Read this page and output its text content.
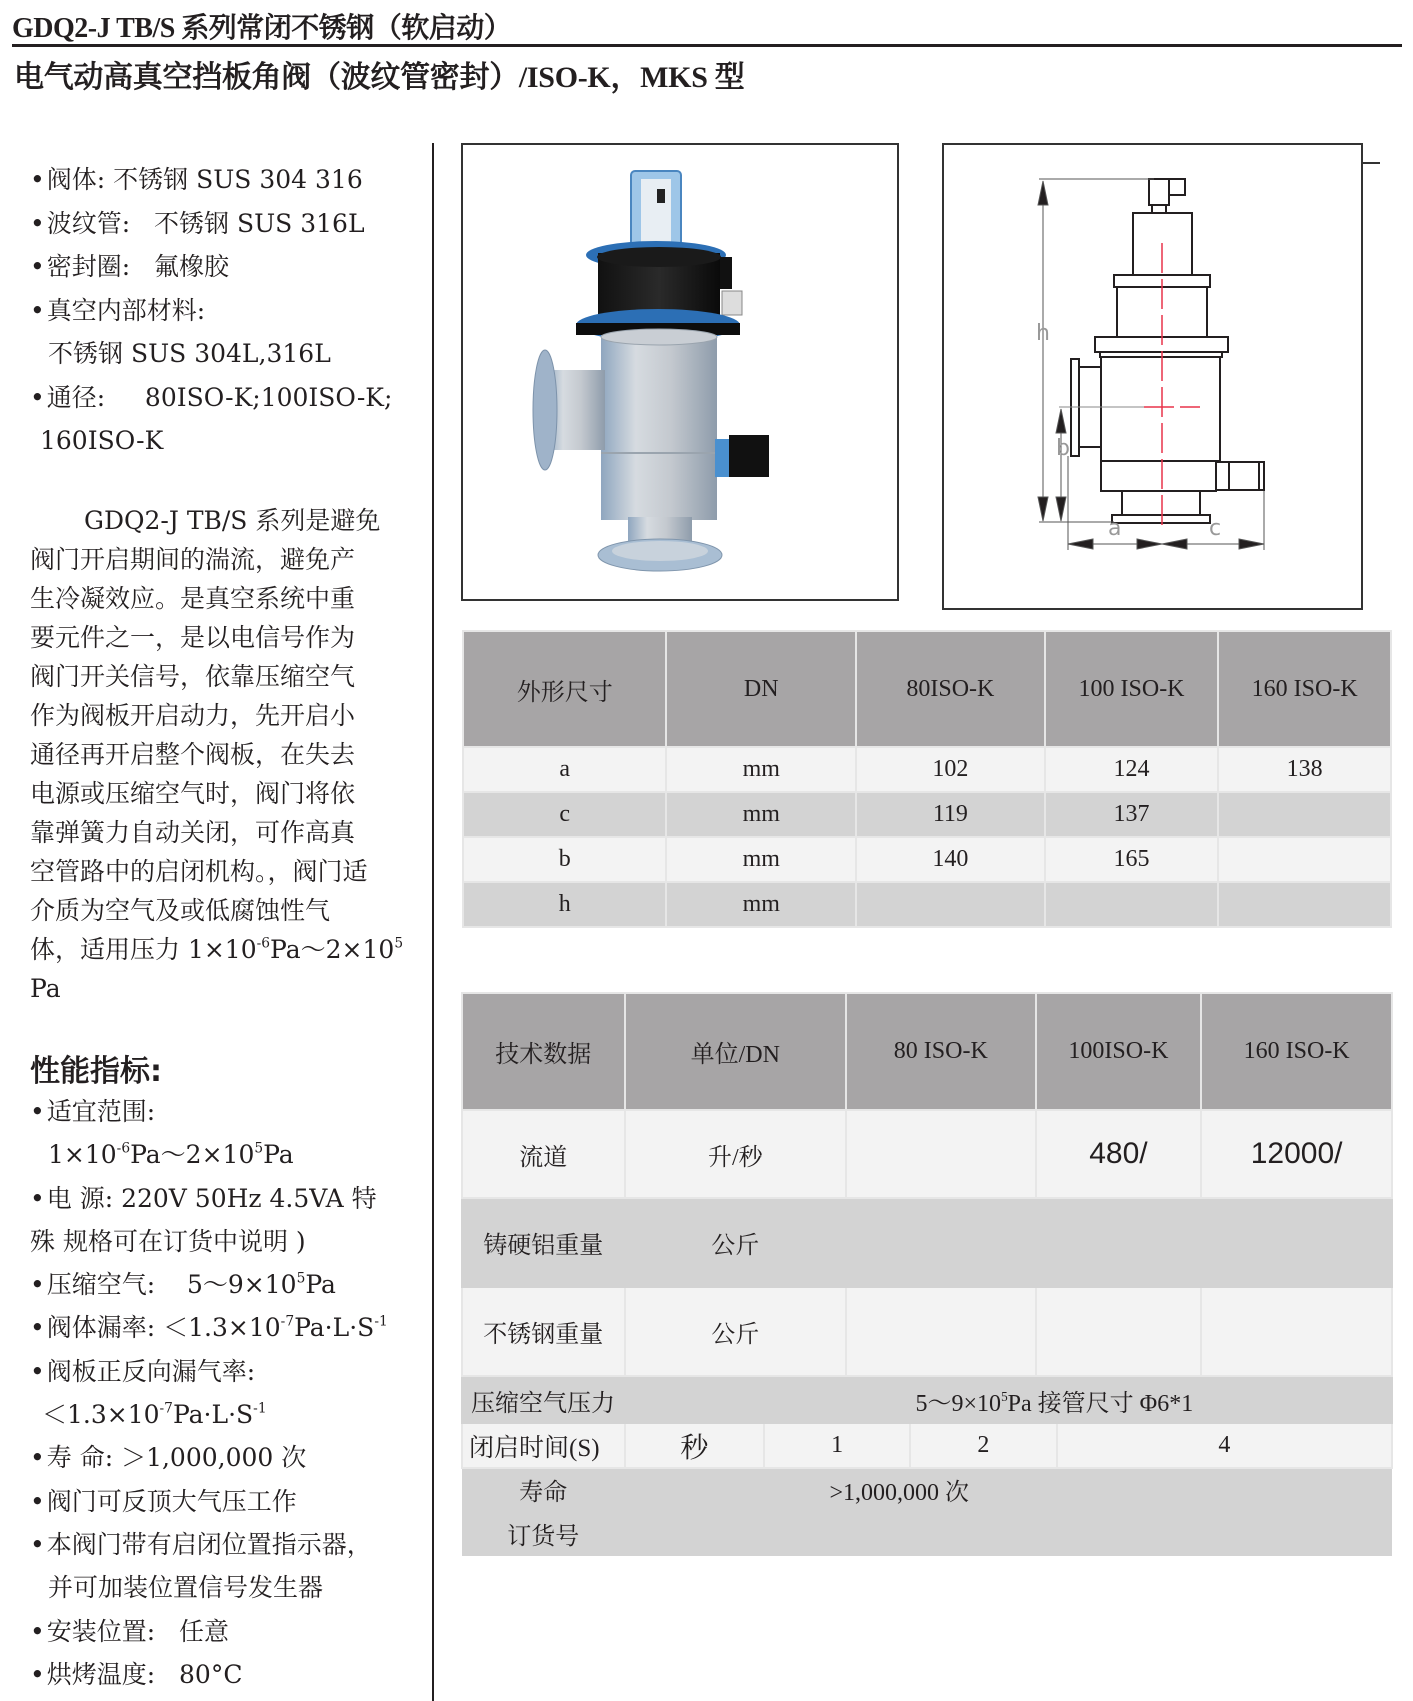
GDQ2-J TB/S 系列常闭不锈钢（软启动）
电气动高真空挡板角阀（波纹管密封）/ISO-K，MKS 型
• 阀体: 不锈钢 SUS 304 316
• 波纹管: 不锈钢 SUS 316L
• 密封圈: 氟橡胶
• 真空内部材料:
不锈钢 SUS 304L,316L
• 通径: 80ISO-K;100ISO-K;
160ISO-K
GDQ2-J TB/S 系列是避免
阀门开启期间的湍流，避免产
生冷凝效应。是真空系统中重
要元件之一，是以电信号作为
阀门开关信号，依靠压缩空气
作为阀板开启动力，先开启小
通径再开启整个阀板，在失去
电源或压缩空气时，阀门将依
靠弹簧力自动关闭，可作高真
空管路中的启闭机构。，阀门适
介质为空气及或低腐蚀性气
体，适用压力 $1\times 10^{-6}Pa\sim 2\times 10^5$
Pa
性能指标:
• 适宜范围:
$1\times 10^{-6}Pa\sim 2\times 10^5Pa$
• 电 源: 220V 50Hz 4.5VA 特
殊 规格可在订货中说明 )
• 压缩空气: $5\sim 9\times 10^5Pa$
• 阀体漏率: $<1.3\times 10^{-7}Pa\cdot L\cdot S^{-1}$
• 阀板正反向漏气率:
$<1.3\times 10^{-7}Pa\cdot L\cdot S^{-1}$
• 寿 命: ＞1,000,000 次
• 阀门可反顶大气压工作
• 本阀门带有启闭位置指示器，
并可加装位置信号发生器
• 安装位置: 任意
• 烘烤温度: 80°C
h
b
a	c
外形尺寸	DN	80ISO-K	100 ISO-K	160 ISO-K
a	mm	102	124	138
c	mm	119	137	
b	mm	140	165	
h	mm			
技术数据	单位/DN	80 ISO-K	100ISO-K	160 ISO-K
流道	升/秒		480/	12000/
铸硬铝重量	公斤			
不锈钢重量	公斤			
压缩空气压力	$5\sim 9\times 10^5Pa$ 接管尺寸 Φ6*1			
闭启时间(S)	秒	1	2	4
寿命	>1,000,000 次			
订货号				
